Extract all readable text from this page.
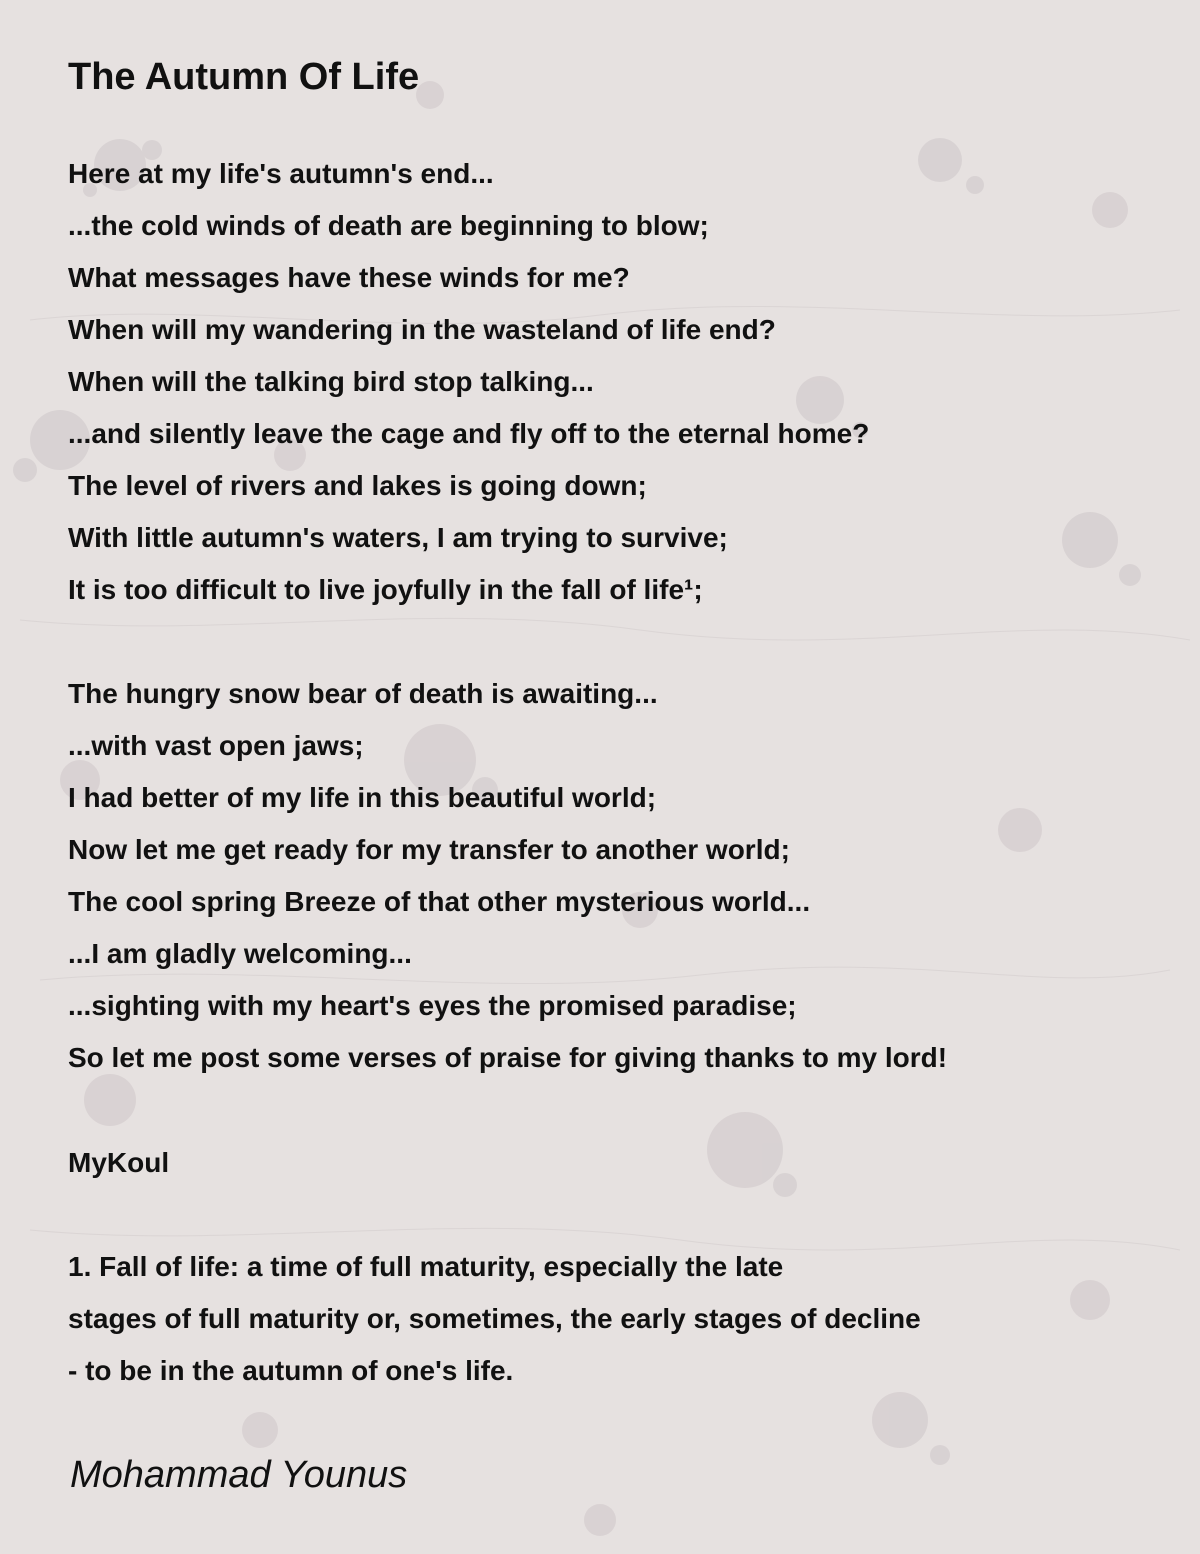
The Autumn Of Life
Here at my life's autumn's end...
...the cold winds of death are beginning to blow;
What messages have these winds for me?
When will my wandering in the wasteland of life end?
When will the talking bird stop talking...
...and silently leave the cage and fly off to the eternal home?
The level of rivers and lakes is going down;
With little autumn's waters, I am trying to survive;
It is too difficult to live joyfully in the fall of life¹;
The hungry snow bear of death is awaiting...
...with vast open jaws;
I had better of my life in this beautiful world;
Now let me get ready for my transfer to another world;
The cool spring Breeze of that other mysterious world...
...I am gladly welcoming...
...sighting with my heart's eyes the promised paradise;
So let me post some verses of praise for giving thanks to my lord!
MyKoul
1. Fall of life: a time of full maturity, especially the late
stages of full maturity or, sometimes, the early stages of decline
- to be in the autumn of one's life.

Mohammad Younus
